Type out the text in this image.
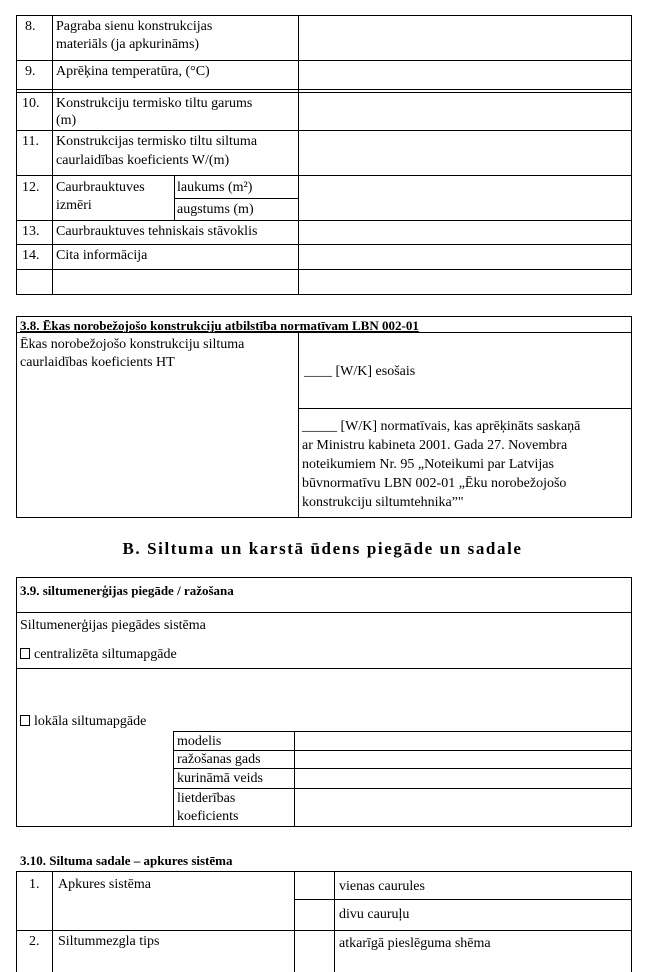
8. Pagraba sienu konstrukcijas
materiāls (ja apkurināms)
9. Aprēķina temperatūra, (°C)
10. Konstrukciju termisko tiltu garums
(m)
11. Konstrukcijas termisko tiltu siltuma
caurlaidības koeficients W/(m)
12. Caurbrauktuves
izmēri
laukums (m²)
augstums (m)
13. Caurbrauktuves tehniskais stāvoklis
14. Cita informācija
3.8. Ēkas norobežojošo konstrukciju atbilstība normatīvam LBN 002-01
Ēkas norobežojošo konstrukciju siltuma
caurlaidības koeficients HT
____ [W/K] esošais
_____ [W/K] normatīvais, kas aprēķināts saskaņā
ar Ministru kabineta 2001. Gada 27. Novembra
noteikumiem Nr. 95 „Noteikumi par Latvijas
būvnormatīvu LBN 002-01 „Ēku norobežojošo
konstrukciju siltumtehnika”"
B. Siltuma un karstā ūdens piegāde un sadale
3.9. siltumenerģijas piegāde / ražošana
Siltumenerģijas piegādes sistēma
centralizēta siltumapgāde
lokāla siltumapgāde
modelis
ražošanas gads
kurināmā veids
lietderības
koeficients
3.10. Siltuma sadale – apkures sistēma
1. Apkures sistēma	vienas caurules
divu cauruļu
2. Siltummezgla tips	atkarīgā pieslēguma shēma
